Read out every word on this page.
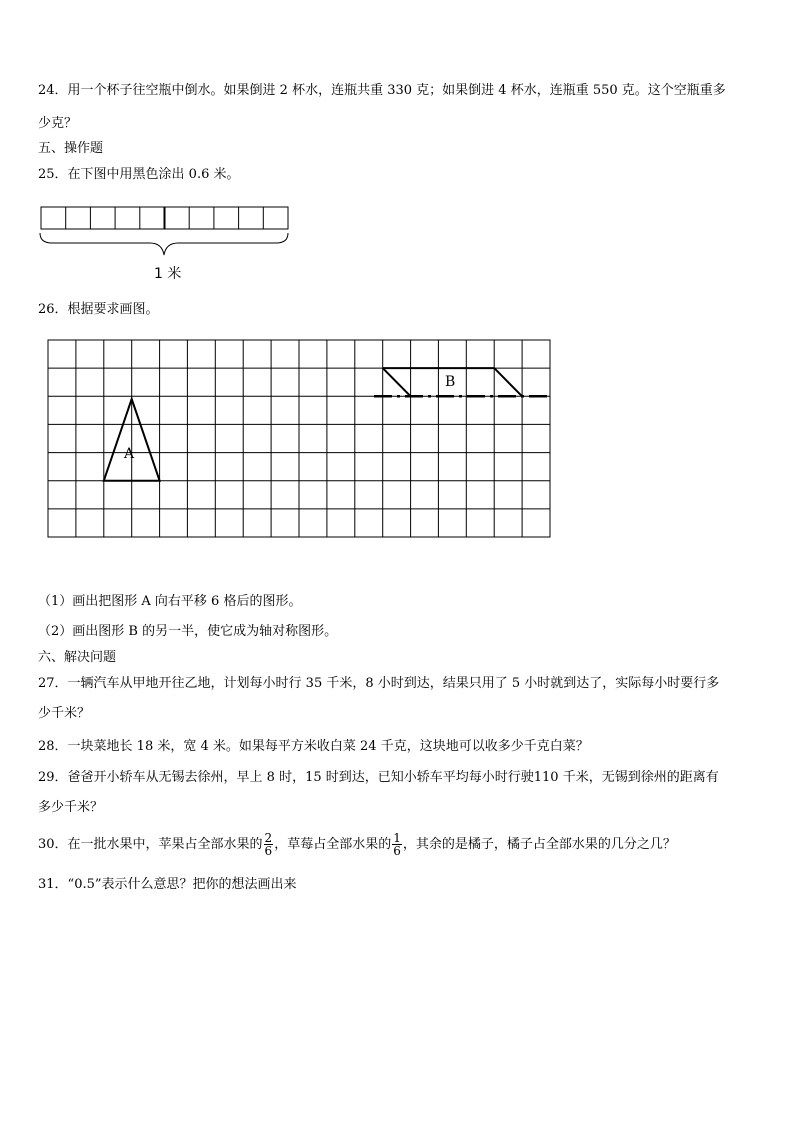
24．用一个杯子往空瓶中倒水。如果倒进 2 杯水，连瓶共重 330 克；如果倒进 4 杯水，连瓶重 550 克。这个空瓶重多
少克？
五、操作题
25．在下图中用黑色涂出 0.6 米。
A
B
1 米
26．根据要求画图。
（1）画出把图形 A 向右平移 6 格后的图形。
（2）画出图形 B 的另一半，使它成为轴对称图形。
六、解决问题
27．一辆汽车从甲地开往乙地，计划每小时行 35 千米，8 小时到达，结果只用了 5 小时就到达了，实际每小时要行多
少千米？
28．一块菜地长 18 米，宽 4 米。如果每平方米收白菜 24 千克，这块地可以收多少千克白菜？
29．爸爸开小轿车从无锡去徐州，早上 8 时，15 时到达，已知小轿车平均每小时行驶110 千米，无锡到徐州的距离有
多少千米？
30．在一批水果中，苹果占全部水果的 $\frac{2}{6}$ ，草莓占全部水果的 $\frac{1}{6}$ ，其余的是橘子，橘子占全部水果的几分之几？
31．“0.5”表示什么意思？把你的想法画出来
